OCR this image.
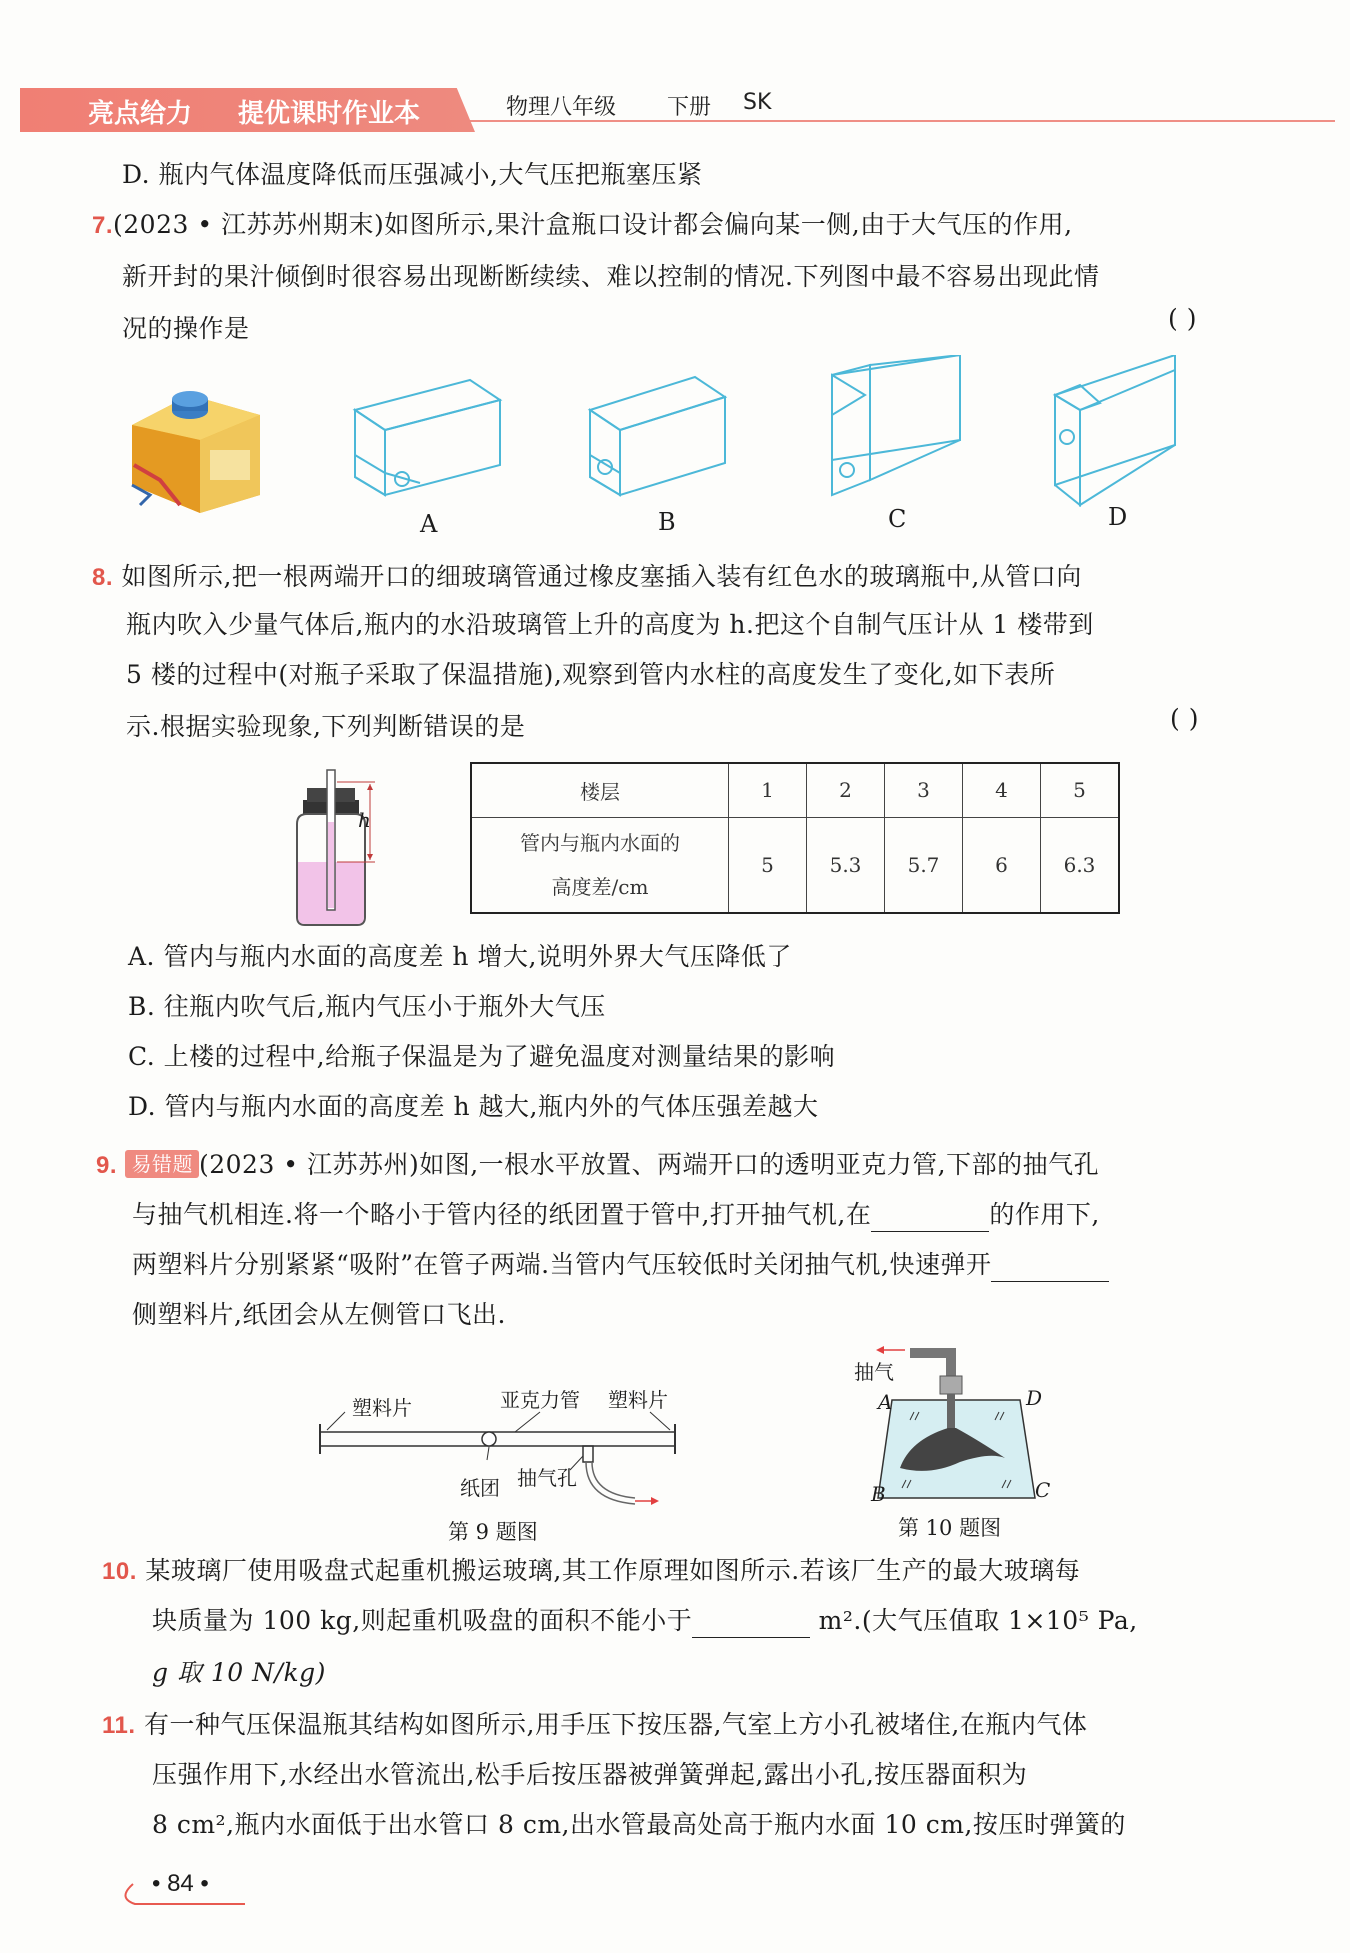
亮点给力 提优课时作业本	物理八年级 下册 SK
D. 瓶内气体温度降低而压强减小,大气压把瓶塞压紧
7.(2023 • 江苏苏州期末)如图所示,果汁盒瓶口设计都会偏向某一侧,由于大气压的作用,
新开封的果汁倾倒时很容易出现断断续续、难以控制的情况.下列图中最不容易出现此情
况的操作是	( )
A	B	C	D
8. 如图所示,把一根两端开口的细玻璃管通过橡皮塞插入装有红色水的玻璃瓶中,从管口向
瓶内吹入少量气体后,瓶内的水沿玻璃管上升的高度为 h.把这个自制气压计从 1 楼带到
5 楼的过程中(对瓶子采取了保温措施),观察到管内水柱的高度发生了变化,如下表所
示.根据实验现象,下列判断错误的是	( )
h
楼层	1	2	3	4	5
管内与瓶内水面的
高度差/cm	5	5.3	5.7	6	6.3
A. 管内与瓶内水面的高度差 h 增大,说明外界大气压降低了
B. 往瓶内吹气后,瓶内气压小于瓶外大气压
C. 上楼的过程中,给瓶子保温是为了避免温度对测量结果的影响
D. 管内与瓶内水面的高度差 h 越大,瓶内外的气体压强差越大
9. 易错题 (2023 • 江苏苏州)如图,一根水平放置、两端开口的透明亚克力管,下部的抽气孔
与抽气机相连.将一个略小于管内径的纸团置于管中,打开抽气机,在	的作用下,
两塑料片分别紧紧“吸附”在管子两端.当管内气压较低时关闭抽气机,快速弹开
侧塑料片,纸团会从左侧管口飞出.
塑料片	亚克力管 塑料片
纸团 抽气孔
第 9 题图
抽气
A	D
B	C
第 10 题图
10. 某玻璃厂使用吸盘式起重机搬运玻璃,其工作原理如图所示.若该厂生产的最大玻璃每
块质量为 100 kg,则起重机吸盘的面积不能小于	m².(大气压值取 1×10⁵ Pa,
g 取 10 N/kg)
11. 有一种气压保温瓶其结构如图所示,用手压下按压器,气室上方小孔被堵住,在瓶内气体
压强作用下,水经出水管流出,松手后按压器被弹簧弹起,露出小孔,按压器面积为
8 cm²,瓶内水面低于出水管口 8 cm,出水管最高处高于瓶内水面 10 cm,按压时弹簧的
• 84 •
